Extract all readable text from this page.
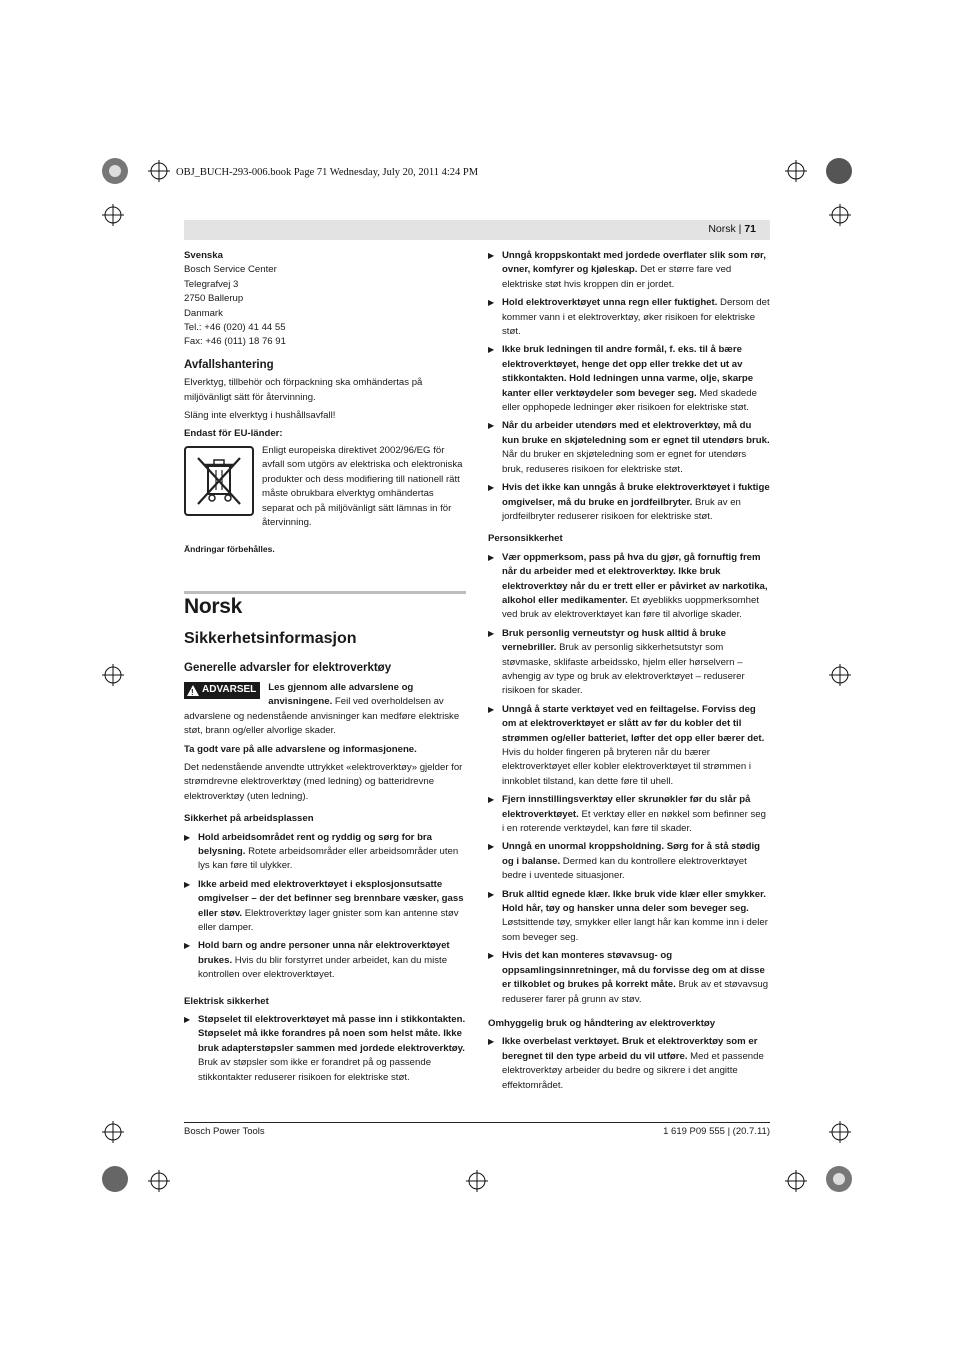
OBJ_BUCH-293-006.book Page 71 Wednesday, July 20, 2011 4:24 PM
Norsk | 71

Svenska

Bosch Service Center

Telegrafvej 3

2750 Ballerup

Danmark

Tel.: +46 (020) 41 44 55

Fax: +46 (011) 18 76 91

Avfallshantering

Elverktyg, tillbehör och förpackning ska omhändertas på miljövänligt sätt för återvinning.

Släng inte elverktyg i hushållsavfall!

Endast för EU-länder:

Enligt europeiska direktivet 2002/96/EG för avfall som utgörs av elektriska och elektroniska produkter och dess modifiering till nationell rätt måste obrukbara elverktyg omhändertas separat och på miljövänligt sätt lämnas in för återvinning.

Ändringar förbehålles.

Norsk

Sikkerhetsinformasjon

Generelle advarsler for elektroverktøy

!
ADVARSEL Les gjennom alle advarslene og anvisningene. Feil ved overholdelsen av advarslene og nedenstående anvisninger kan medføre elektriske støt, brann og/eller alvorlige skader.

Ta godt vare på alle advarslene og informasjonene.

Det nedenstående anvendte uttrykket «elektroverktøy» gjelder for strømdrevne elektroverktøy (med ledning) og batteridrevne elektroverktøy (uten ledning).

Sikkerhet på arbeidsplassen

▶ Hold arbeidsområdet rent og ryddig og sørg for bra belysning. Rotete arbeidsområder eller arbeidsområder uten lys kan føre til ulykker.
▶ Ikke arbeid med elektroverktøyet i eksplosjonsutsatte omgivelser – der det befinner seg brennbare væsker, gass eller støv. Elektroverktøy lager gnister som kan antenne støv eller damper.
▶ Hold barn og andre personer unna når elektroverktøyet brukes. Hvis du blir forstyrret under arbeidet, kan du miste kontrollen over elektroverktøyet.

Elektrisk sikkerhet

▶ Støpselet til elektroverktøyet må passe inn i stikkontakten. Støpselet må ikke forandres på noen som helst måte. Ikke bruk adapterstøpsler sammen med jordede elektroverktøy. Bruk av støpsler som ikke er forandret på og passende stikkontakter reduserer risikoen for elektriske støt.
▶ Unngå kroppskontakt med jordede overflater slik som rør, ovner, komfyrer og kjøleskap. Det er større fare ved elektriske støt hvis kroppen din er jordet.
▶ Hold elektroverktøyet unna regn eller fuktighet. Dersom det kommer vann i et elektroverktøy, øker risikoen for elektriske støt.
▶ Ikke bruk ledningen til andre formål, f. eks. til å bære elektroverktøyet, henge det opp eller trekke det ut av stikkontakten. Hold ledningen unna varme, olje, skarpe kanter eller verktøydeler som beveger seg. Med skadede eller opphopede ledninger øker risikoen for elektriske støt.
▶ Når du arbeider utendørs med et elektroverktøy, må du kun bruke en skjøteledning som er egnet til utendørs bruk. Når du bruker en skjøteledning som er egnet for utendørs bruk, reduseres risikoen for elektriske støt.
▶ Hvis det ikke kan unngås å bruke elektroverktøyet i fuktige omgivelser, må du bruke en jordfeilbryter. Bruk av en jordfeilbryter reduserer risikoen for elektriske støt.

Personsikkerhet

▶ Vær oppmerksom, pass på hva du gjør, gå fornuftig frem når du arbeider med et elektroverktøy. Ikke bruk elektroverktøy når du er trett eller er påvirket av narkotika, alkohol eller medikamenter. Et øyeblikks uoppmerksomhet ved bruk av elektroverktøyet kan føre til alvorlige skader.
▶ Bruk personlig verneutstyr og husk alltid å bruke vernebriller. Bruk av personlig sikkerhetsutstyr som støvmaske, sklifaste arbeidssko, hjelm eller hørselvern – avhengig av type og bruk av elektroverktøyet – reduserer risikoen for skader.
▶ Unngå å starte verktøyet ved en feiltagelse. Forviss deg om at elektroverktøyet er slått av før du kobler det til strømmen og/eller batteriet, løfter det opp eller bærer det. Hvis du holder fingeren på bryteren når du bærer elektroverktøyet eller kobler elektroverktøyet til strømmen i innkoblet tilstand, kan dette føre til uhell.
▶ Fjern innstillingsverktøy eller skrunøkler før du slår på elektroverktøyet. Et verktøy eller en nøkkel som befinner seg i en roterende verktøydel, kan føre til skader.
▶ Unngå en unormal kroppsholdning. Sørg for å stå stødig og i balanse. Dermed kan du kontrollere elektroverktøyet bedre i uventede situasjoner.
▶ Bruk alltid egnede klær. Ikke bruk vide klær eller smykker. Hold hår, tøy og hansker unna deler som beveger seg. Løstsittende tøy, smykker eller langt hår kan komme inn i deler som beveger seg.
▶ Hvis det kan monteres støvavsug- og oppsamlingsinnretninger, må du forvisse deg om at disse er tilkoblet og brukes på korrekt måte. Bruk av et støvavsug reduserer farer på grunn av støv.

Omhyggelig bruk og håndtering av elektroverktøy

▶ Ikke overbelast verktøyet. Bruk et elektroverktøy som er beregnet til den type arbeid du vil utføre. Med et passende elektroverktøy arbeider du bedre og sikrere i det angitte effektområdet.
Bosch Power Tools	1 619 P09 555 | (20.7.11)
